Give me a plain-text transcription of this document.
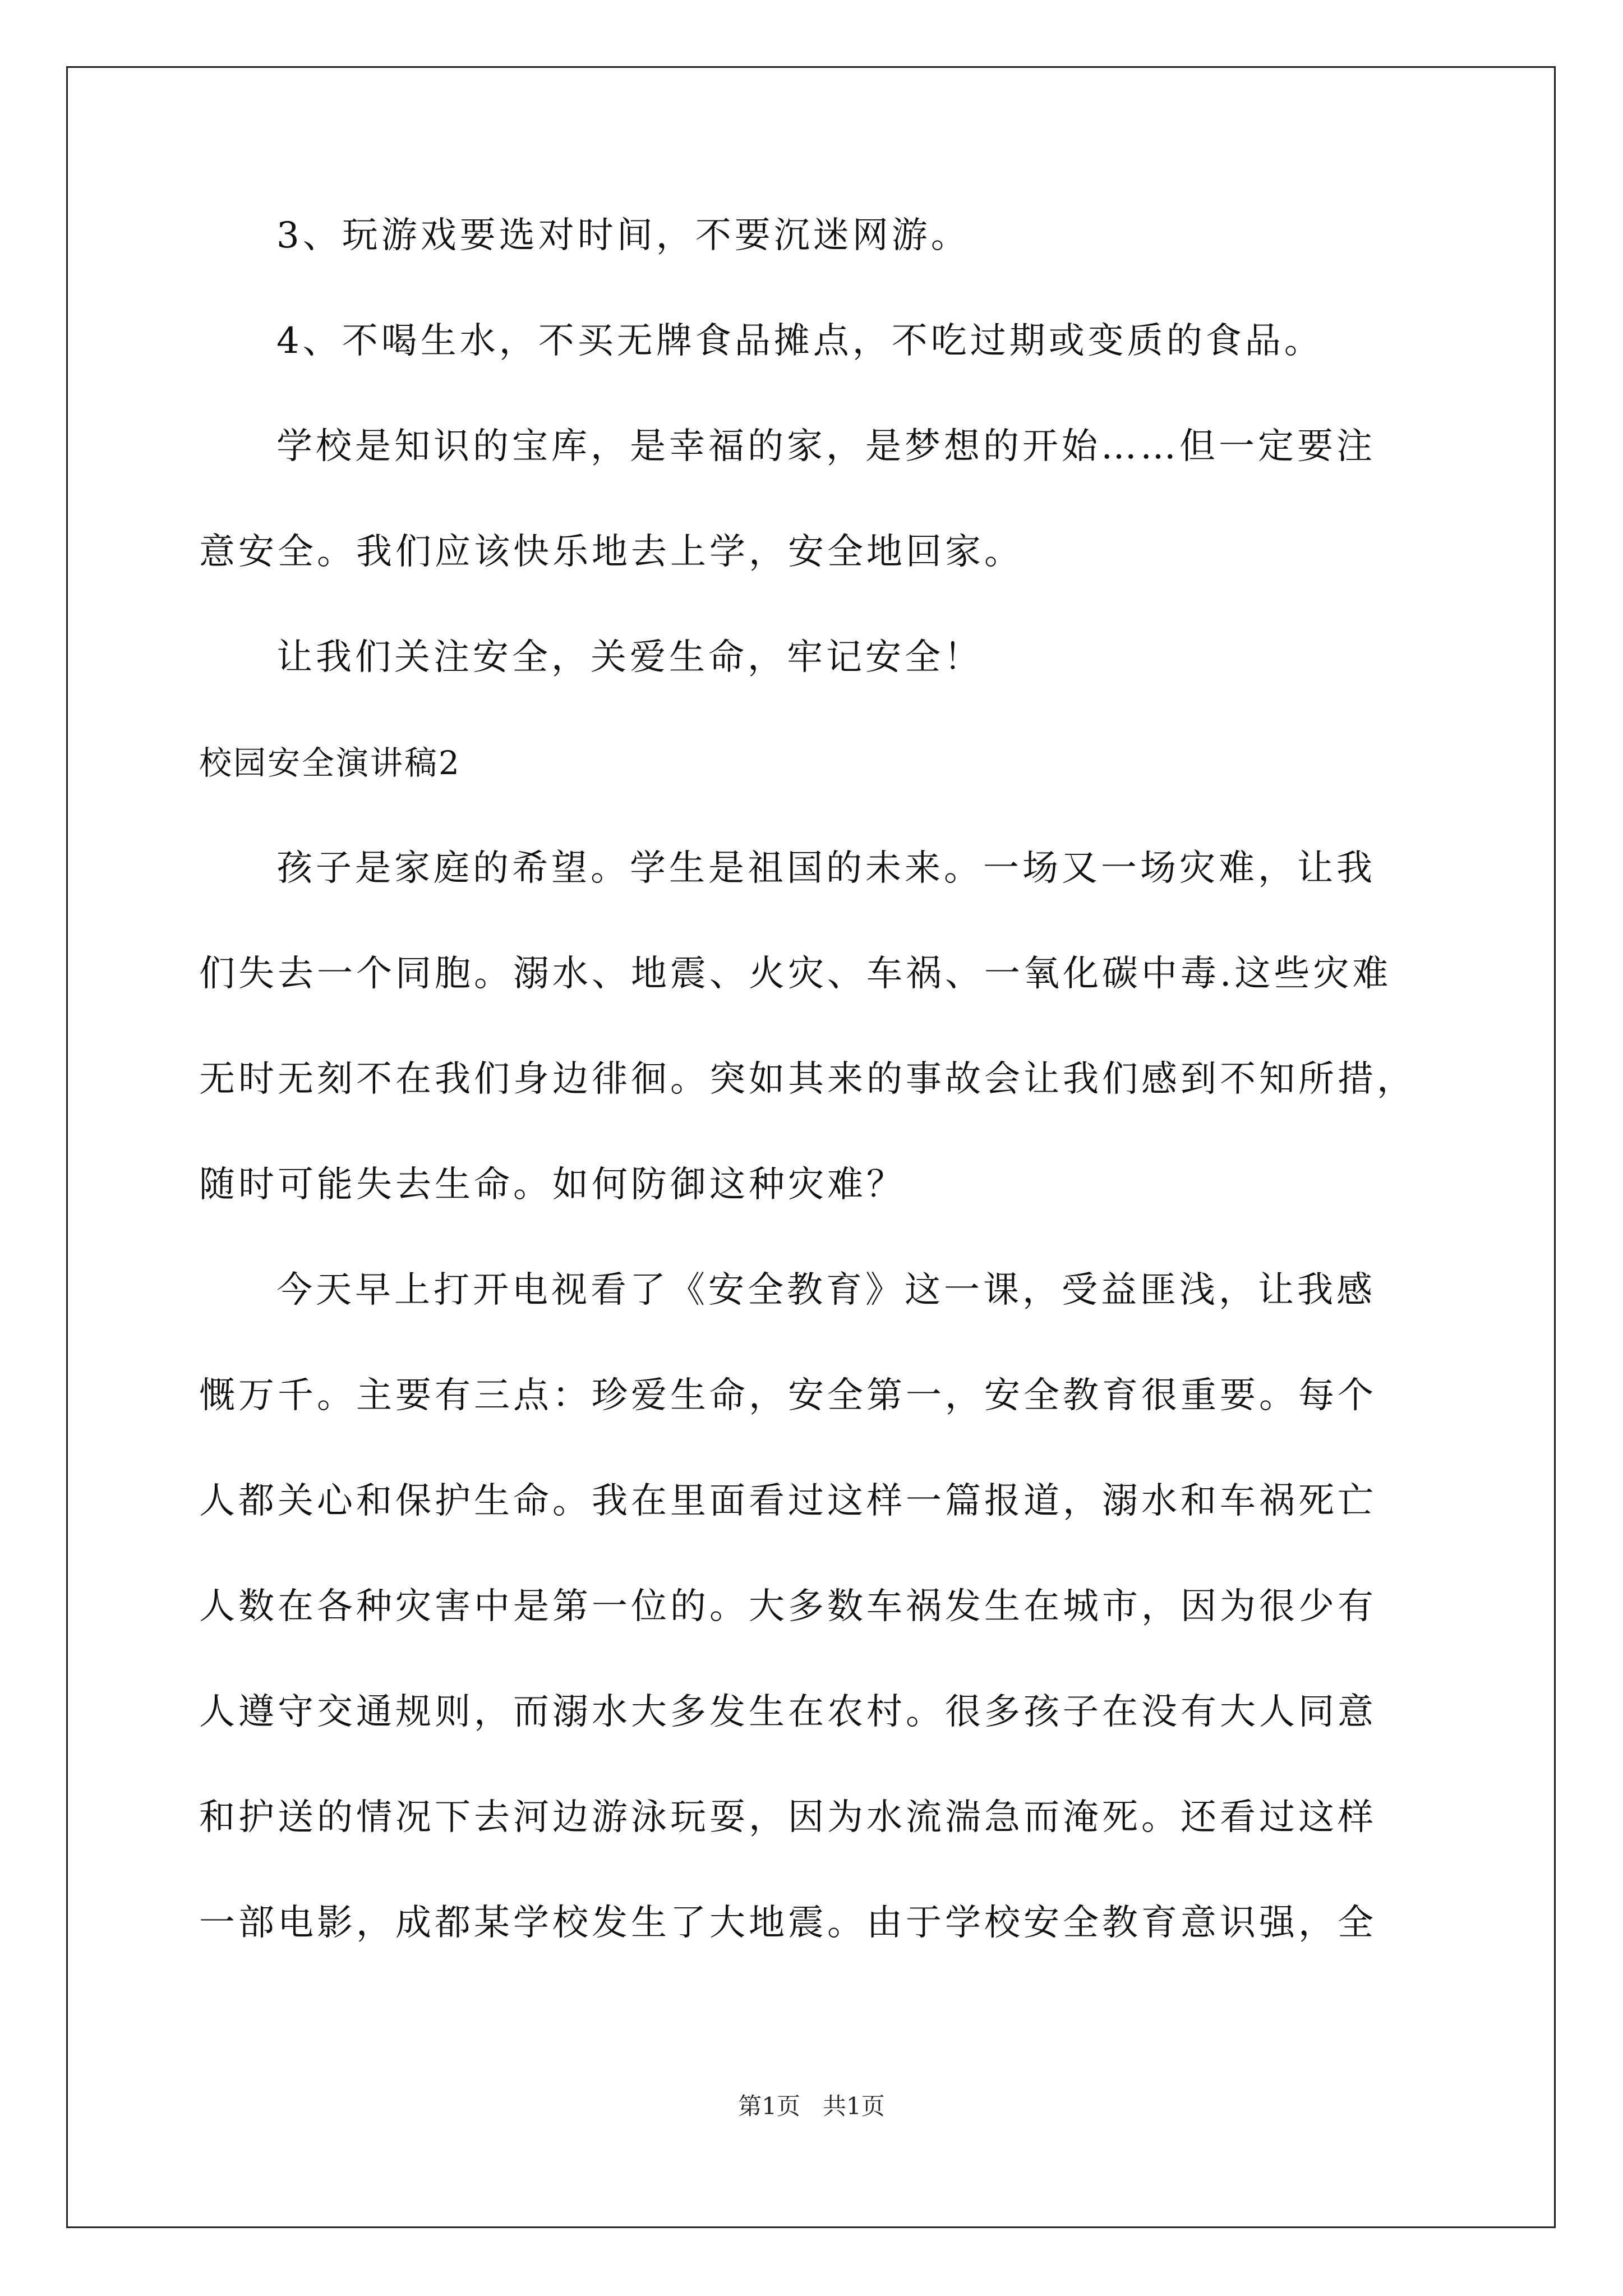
3、玩游戏要选对时间，不要沉迷网游。
4、不喝生水，不买无牌食品摊点，不吃过期或变质的食品。
学校是知识的宝库，是幸福的家，是梦想的开始……但一定要注
意安全。我们应该快乐地去上学，安全地回家。
让我们关注安全，关爱生命，牢记安全！
校园安全演讲稿2
孩子是家庭的希望。学生是祖国的未来。一场又一场灾难，让我
们失去一个同胞。溺水、地震、火灾、车祸、一氧化碳中毒.这些灾难
无时无刻不在我们身边徘徊。突如其来的事故会让我们感到不知所措，
随时可能失去生命。如何防御这种灾难？
今天早上打开电视看了《安全教育》这一课，受益匪浅，让我感
慨万千。主要有三点：珍爱生命，安全第一，安全教育很重要。每个
人都关心和保护生命。我在里面看过这样一篇报道，溺水和车祸死亡
人数在各种灾害中是第一位的。大多数车祸发生在城市，因为很少有
人遵守交通规则，而溺水大多发生在农村。很多孩子在没有大人同意
和护送的情况下去河边游泳玩耍，因为水流湍急而淹死。还看过这样
一部电影，成都某学校发生了大地震。由于学校安全教育意识强，全
第1页   共1页
